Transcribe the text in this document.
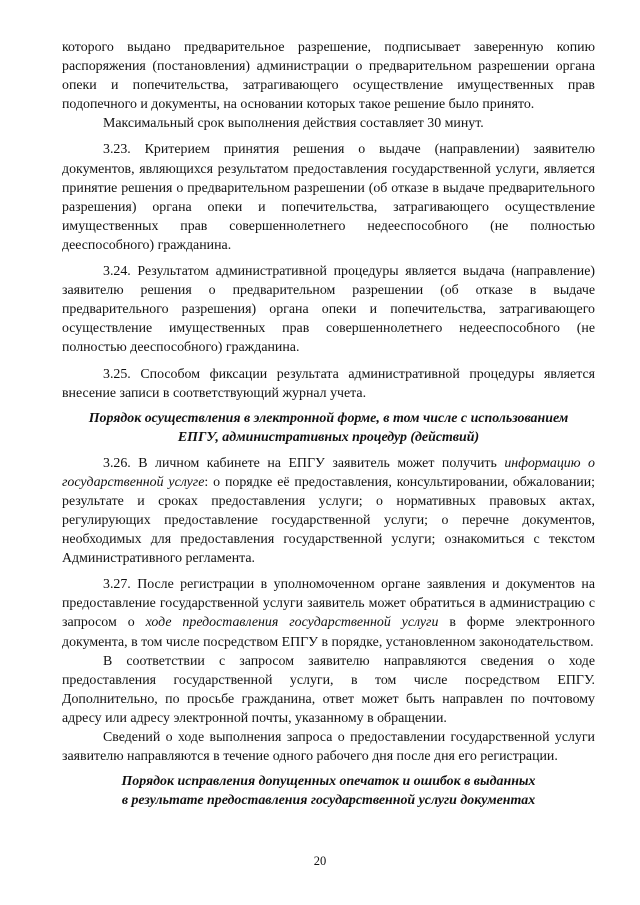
которого выдано предварительное разрешение, подписывает заверенную копию распоряжения (постановления) администрации о предварительном разрешении органа опеки и попечительства, затрагивающего осуществление имущественных прав подопечного и документы, на основании которых такое решение было принято.

Максимальный срок выполнения действия составляет 30 минут.

3.23. Критерием принятия решения о выдаче (направлении) заявителю документов, являющихся результатом предоставления государственной услуги, является принятие решения о предварительном разрешении (об отказе в выдаче предварительного разрешения) органа опеки и попечительства, затрагивающего осуществление имущественных прав совершеннолетнего недееспособного (не полностью дееспособного) гражданина.

3.24. Результатом административной процедуры является выдача (направление) заявителю решения о предварительном разрешении (об отказе в выдаче предварительного разрешения) органа опеки и попечительства, затрагивающего осуществление имущественных прав совершеннолетнего недееспособного (не полностью дееспособного) гражданина.

3.25. Способом фиксации результата административной процедуры является внесение записи в соответствующий журнал учета.

Порядок осуществления в электронной форме, в том числе с использованием
ЕПГУ, административных процедур (действий)

3.26. В личном кабинете на ЕПГУ заявитель может получить информацию о государственной услуге: о порядке её предоставления, консультировании, обжаловании; результате и сроках предоставления услуги; о нормативных правовых актах, регулирующих предоставление государственной услуги; о перечне документов, необходимых для предоставления государственной услуги; ознакомиться с текстом Административного регламента.

3.27. После регистрации в уполномоченном органе заявления и документов на предоставление государственной услуги заявитель может обратиться в администрацию с запросом о ходе предоставления государственной услуги в форме электронного документа, в том числе посредством ЕПГУ в порядке, установленном законодательством.

В соответствии с запросом заявителю направляются сведения о ходе предоставления государственной услуги, в том числе посредством ЕПГУ. Дополнительно, по просьбе гражданина, ответ может быть направлен по почтовому адресу или адресу электронной почты, указанному в обращении.

Сведений о ходе выполнения запроса о предоставлении государственной услуги заявителю направляются в течение одного рабочего дня после дня его регистрации.

Порядок исправления допущенных опечаток и ошибок в выданных
в результате предоставления государственной услуги документах
20
